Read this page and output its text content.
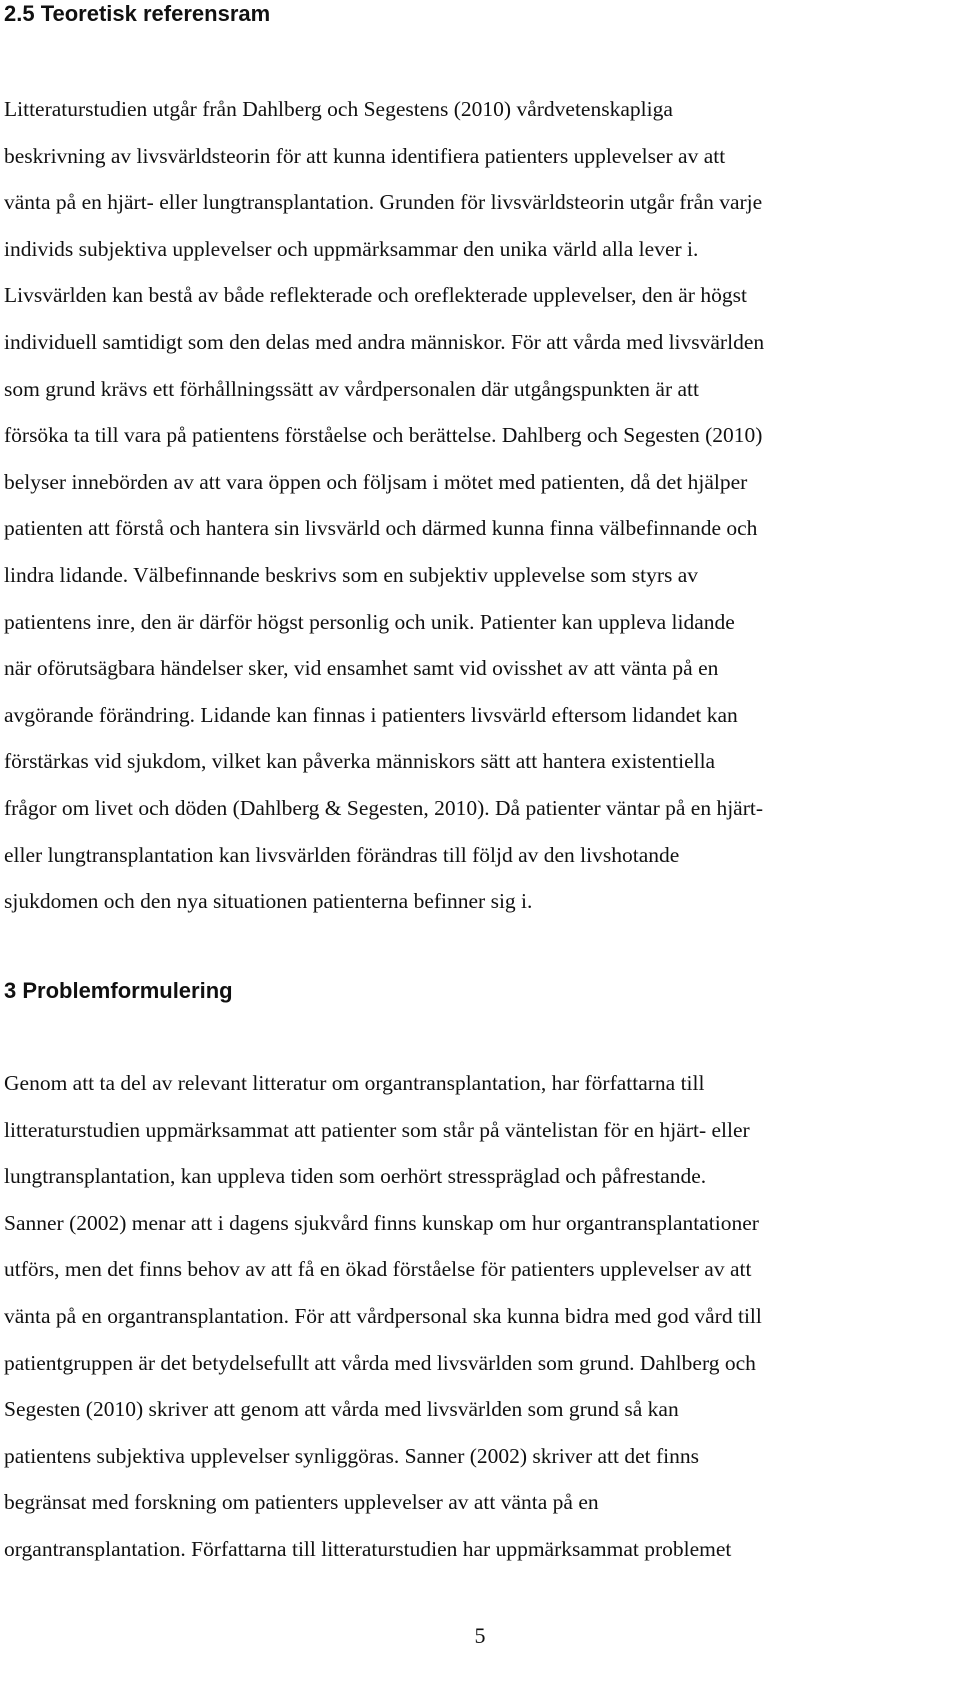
2.5 Teoretisk referensram
Litteraturstudien utgår från Dahlberg och Segestens (2010) vårdvetenskapliga
beskrivning av livsvärldsteorin för att kunna identifiera patienters upplevelser av att
vänta på en hjärt- eller lungtransplantation. Grunden för livsvärldsteorin utgår från varje
individs subjektiva upplevelser och uppmärksammar den unika värld alla lever i.
Livsvärlden kan bestå av både reflekterade och oreflekterade upplevelser, den är högst
individuell samtidigt som den delas med andra människor. För att vårda med livsvärlden
som grund krävs ett förhållningssätt av vårdpersonalen där utgångspunkten är att
försöka ta till vara på patientens förståelse och berättelse. Dahlberg och Segesten (2010)
belyser innebörden av att vara öppen och följsam i mötet med patienten, då det hjälper
patienten att förstå och hantera sin livsvärld och därmed kunna finna välbefinnande och
lindra lidande. Välbefinnande beskrivs som en subjektiv upplevelse som styrs av
patientens inre, den är därför högst personlig och unik. Patienter kan uppleva lidande
när oförutsägbara händelser sker, vid ensamhet samt vid ovisshet av att vänta på en
avgörande förändring. Lidande kan finnas i patienters livsvärld eftersom lidandet kan
förstärkas vid sjukdom, vilket kan påverka människors sätt att hantera existentiella
frågor om livet och döden (Dahlberg & Segesten, 2010). Då patienter väntar på en hjärt-
eller lungtransplantation kan livsvärlden förändras till följd av den livshotande
sjukdomen och den nya situationen patienterna befinner sig i.
3 Problemformulering
Genom att ta del av relevant litteratur om organtransplantation, har författarna till
litteraturstudien uppmärksammat att patienter som står på väntelistan för en hjärt- eller
lungtransplantation, kan uppleva tiden som oerhört stresspräglad och påfrestande.
Sanner (2002) menar att i dagens sjukvård finns kunskap om hur organtransplantationer
utförs, men det finns behov av att få en ökad förståelse för patienters upplevelser av att
vänta på en organtransplantation. För att vårdpersonal ska kunna bidra med god vård till
patientgruppen är det betydelsefullt att vårda med livsvärlden som grund. Dahlberg och
Segesten (2010) skriver att genom att vårda med livsvärlden som grund så kan
patientens subjektiva upplevelser synliggöras. Sanner (2002) skriver att det finns
begränsat med forskning om patienters upplevelser av att vänta på en
organtransplantation. Författarna till litteraturstudien har uppmärksammat problemet
5
